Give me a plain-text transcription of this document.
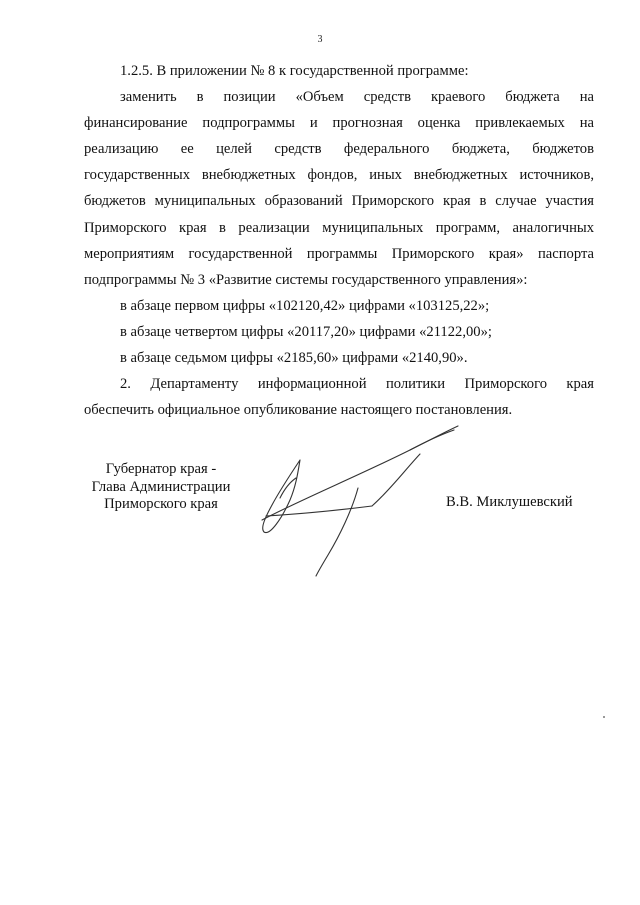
3
1.2.5. В приложении № 8 к государственной программе:
заменить в позиции «Объем средств краевого бюджета на
финансирование подпрограммы и прогнозная оценка привлекаемых на
реализацию ее целей средств федерального бюджета, бюджетов
государственных внебюджетных фондов, иных внебюджетных источников,
бюджетов муниципальных образований Приморского края в случае участия
Приморского края в реализации муниципальных программ, аналогичных
мероприятиям государственной программы Приморского края» паспорта
подпрограммы № 3 «Развитие системы государственного управления»:
в абзаце первом цифры «102120,42» цифрами «103125,22»;
в абзаце четвертом цифры «20117,20» цифрами «21122,00»;
в абзаце седьмом цифры «2185,60» цифрами «2140,90».
2. Департаменту информационной политики Приморского края
обеспечить официальное опубликование настоящего постановления.
Губернатор края -
Глава Администрации
Приморского края	В.В. Миклушевский
